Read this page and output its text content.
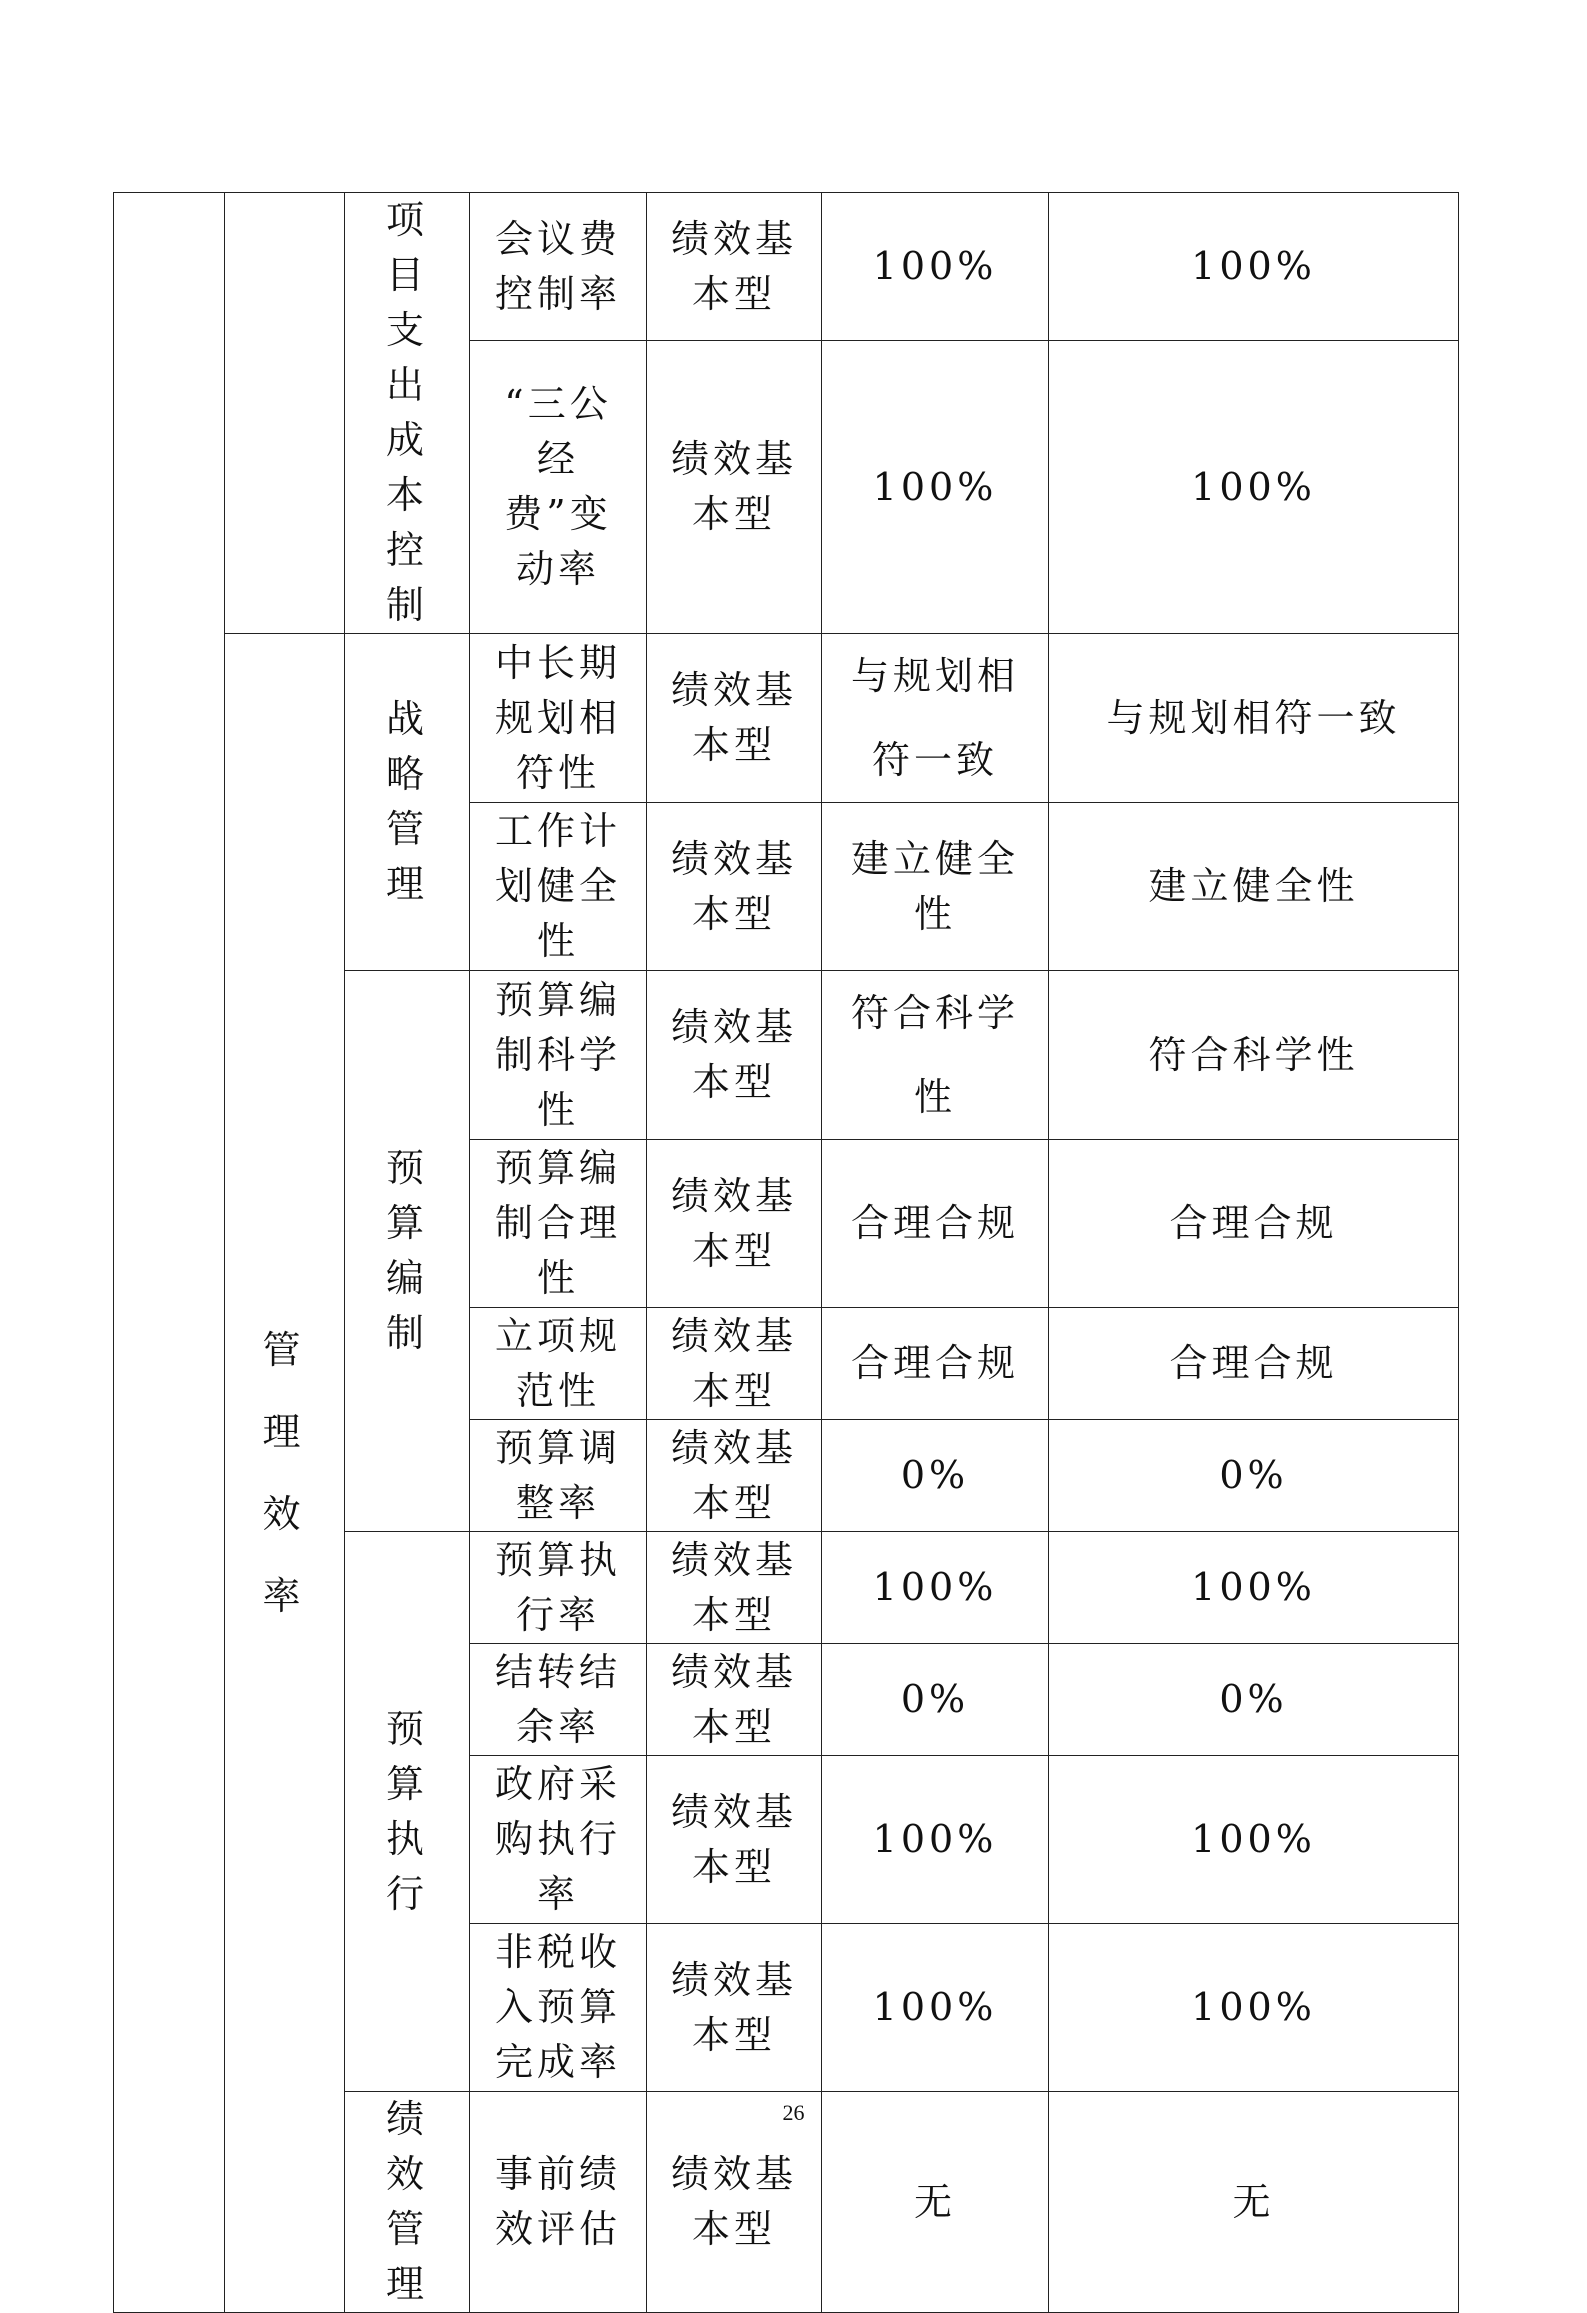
		项目支出成本控制	会议费控制率	绩效基本型	100%	100%
			“三公经费”变动率	绩效基本型	100%	100%
	管理效率	战略管理	中长期规划相符性	绩效基本型	与规划相符一致	与规划相符一致
			工作计划健全性	绩效基本型	建立健全性	建立健全性
		预算编制	预算编制科学性	绩效基本型	符合科学性	符合科学性
			预算编制合理性	绩效基本型	合理合规	合理合规
			立项规范性	绩效基本型	合理合规	合理合规
			预算调整率	绩效基本型	0%	0%
		预算执行	预算执行率	绩效基本型	100%	100%
			结转结余率	绩效基本型	0%	0%
			政府采购执行率	绩效基本型	100%	100%
			非税收入预算完成率	绩效基本型	100%	100%
		绩效管理	事前绩效评估	绩效基本型	无	无
26
